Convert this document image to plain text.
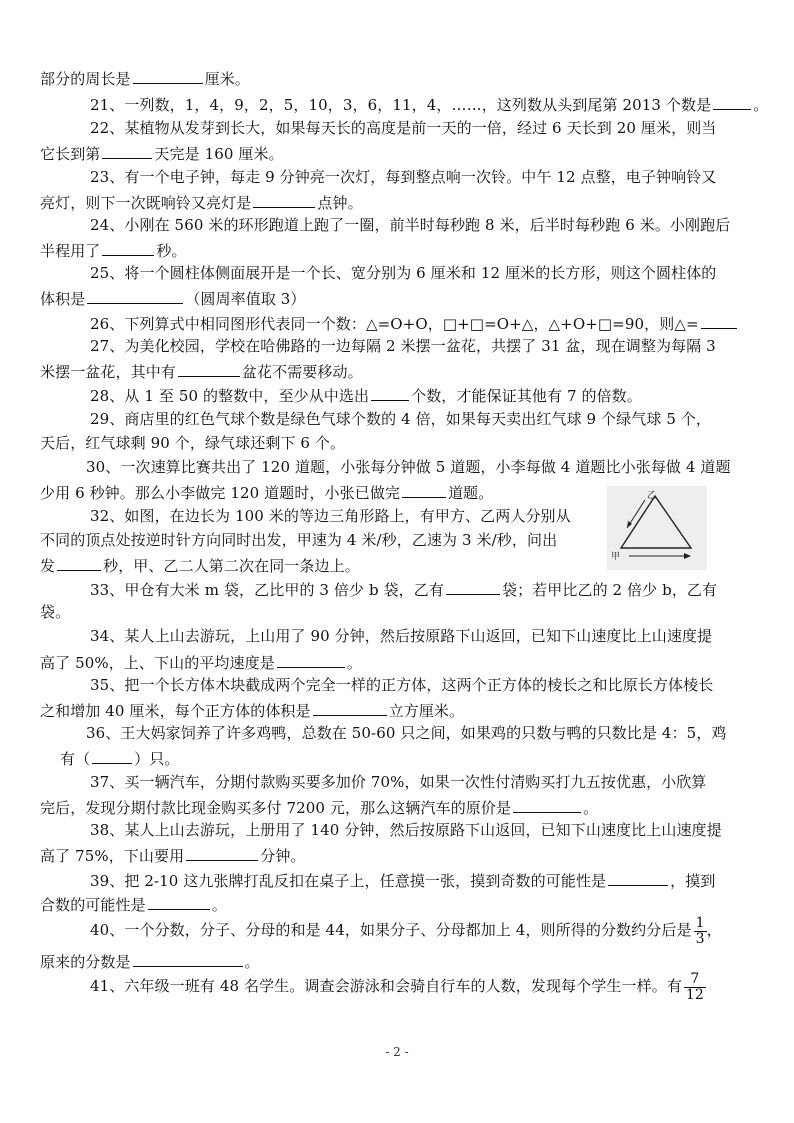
部分的周长是	厘米。
21、一列数，1，4，9，2，5，10，3，6，11，4，……，这列数从头到尾第 2013 个数是	。
22、某植物从发芽到长大，如果每天长的高度是前一天的一倍，经过 6 天长到 20 厘米，则当
它长到第	天完是 160 厘米。
23、有一个电子钟，每走 9 分钟亮一次灯，每到整点响一次铃。中午 12 点整，电子钟响铃又
亮灯，则下一次既响铃又亮灯是	点钟。
24、小刚在 560 米的环形跑道上跑了一圈，前半时每秒跑 8 米，后半时每秒跑 6 米。小刚跑后
半程用了	秒。
25、将一个圆柱体侧面展开是一个长、宽分别为 6 厘米和 12 厘米的长方形，则这个圆柱体的
体积是	（圆周率值取 3）
26、下列算式中相同图形代表同一个数：△=O+O，□+□=O+△，△+O+□=90，则△=
27、为美化校园，学校在哈佛路的一边每隔 2 米摆一盆花，共摆了 31 盆，现在调整为每隔 3
米摆一盆花，其中有	盆花不需要移动。
28、从 1 至 50 的整数中，至少从中选出	个数，才能保证其他有 7 的倍数。
29、商店里的红色气球个数是绿色气球个数的 4 倍，如果每天卖出红气球 9 个绿气球 5 个，
天后，红气球剩 90 个，绿气球还剩下 6 个。
30、一次速算比赛共出了 120 道题，小张每分钟做 5 道题，小李每做 4 道题比小张每做 4 道题
少用 6 秒钟。那么小李做完 120 道题时，小张已做完	道题。
32、如图，在边长为 100 米的等边三角形路上，有甲方、乙两人分别从
不同的顶点处按逆时针方向同时出发，甲速为 4 米/秒，乙速为 3 米/秒，问出
发	秒，甲、乙二人第二次在同一条边上。
33、甲仓有大米 m 袋，乙比甲的 3 倍少 b 袋，乙有	袋；若甲比乙的 2 倍少 b，乙有
袋。
34、某人上山去游玩，上山用了 90 分钟，然后按原路下山返回，已知下山速度比上山速度提
高了 50%，上、下山的平均速度是	。
35、把一个长方体木块截成两个完全一样的正方体，这两个正方体的棱长之和比原长方体棱长
之和增加 40 厘米，每个正方体的体积是	立方厘米。
36、王大妈家饲养了许多鸡鸭，总数在 50-60 只之间，如果鸡的只数与鸭的只数比是 4：5，鸡
有（	）只。
37、买一辆汽车，分期付款购买要多加价 70%，如果一次性付清购买打九五按优惠，小欣算
完后，发现分期付款比现金购买多付 7200 元，那么这辆汽车的原价是	。
38、某人上山去游玩，上册用了 140 分钟，然后按原路下山返回，已知下山速度比上山速度提
高了 75%，下山要用	分钟。
39、把 2-10 这九张牌打乱反扣在桌子上，任意摸一张，摸到奇数的可能性是	，摸到
合数的可能性是	。
40、一个分数，分子、分母的和是 44，如果分子、分母都加上 4，则所得的分数约分后是 $\frac{1}{3}$ ，
原来的分数是	。
41、六年级一班有 48 名学生。调查会游泳和会骑自行车的人数，发现每个学生一样。有 $\frac{7}{12}$
乙
甲
- 2 -
